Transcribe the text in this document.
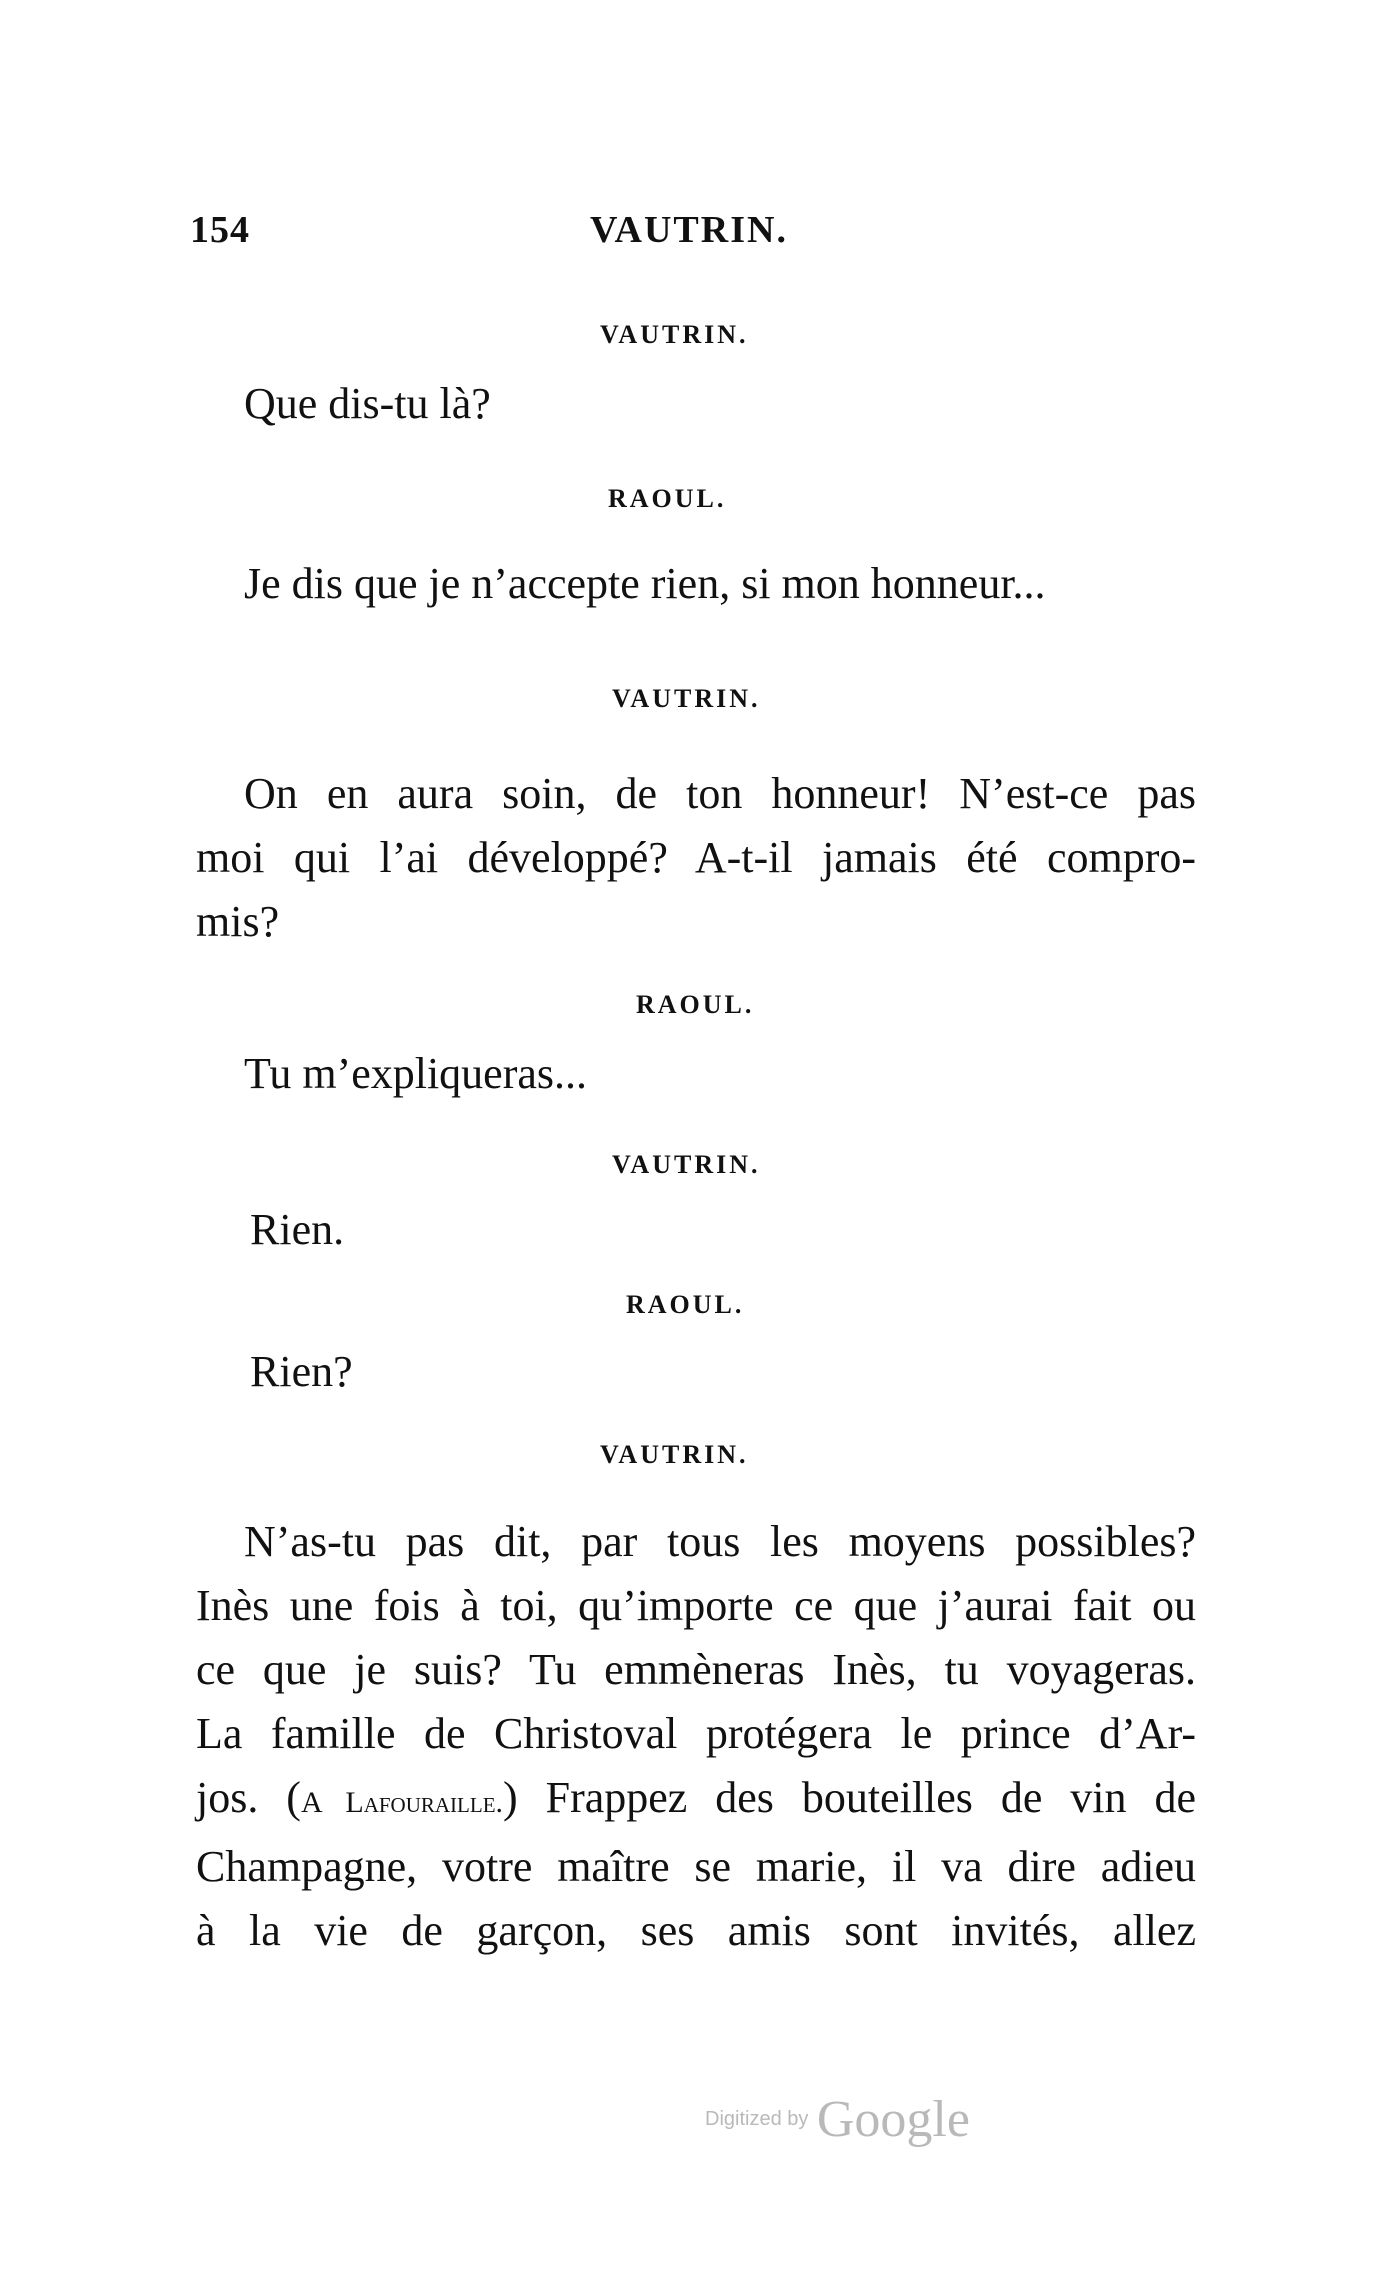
154	VAUTRIN.
VAUTRIN.
Que dis-tu là?
RAOUL.
Je dis que je n’accepte rien, si mon honneur...
VAUTRIN.
On en aura soin, de ton honneur! N’est-ce pas
moi qui l’ai développé? A-t-il jamais été compro-
mis?
RAOUL.
Tu m’expliqueras...
VAUTRIN.
Rien.
RAOUL.
Rien?
VAUTRIN.
N’as-tu pas dit, par tous les moyens possibles?
Inès une fois à toi, qu’importe ce que j’aurai fait ou
ce que je suis? Tu emmèneras Inès, tu voyageras.
La famille de Christoval protégera le prince d’Ar-
jos. (A Lafouraille.) Frappez des bouteilles de vin de
Champagne, votre maître se marie, il va dire adieu
à la vie de garçon, ses amis sont invités, allez
Digitized by Google
